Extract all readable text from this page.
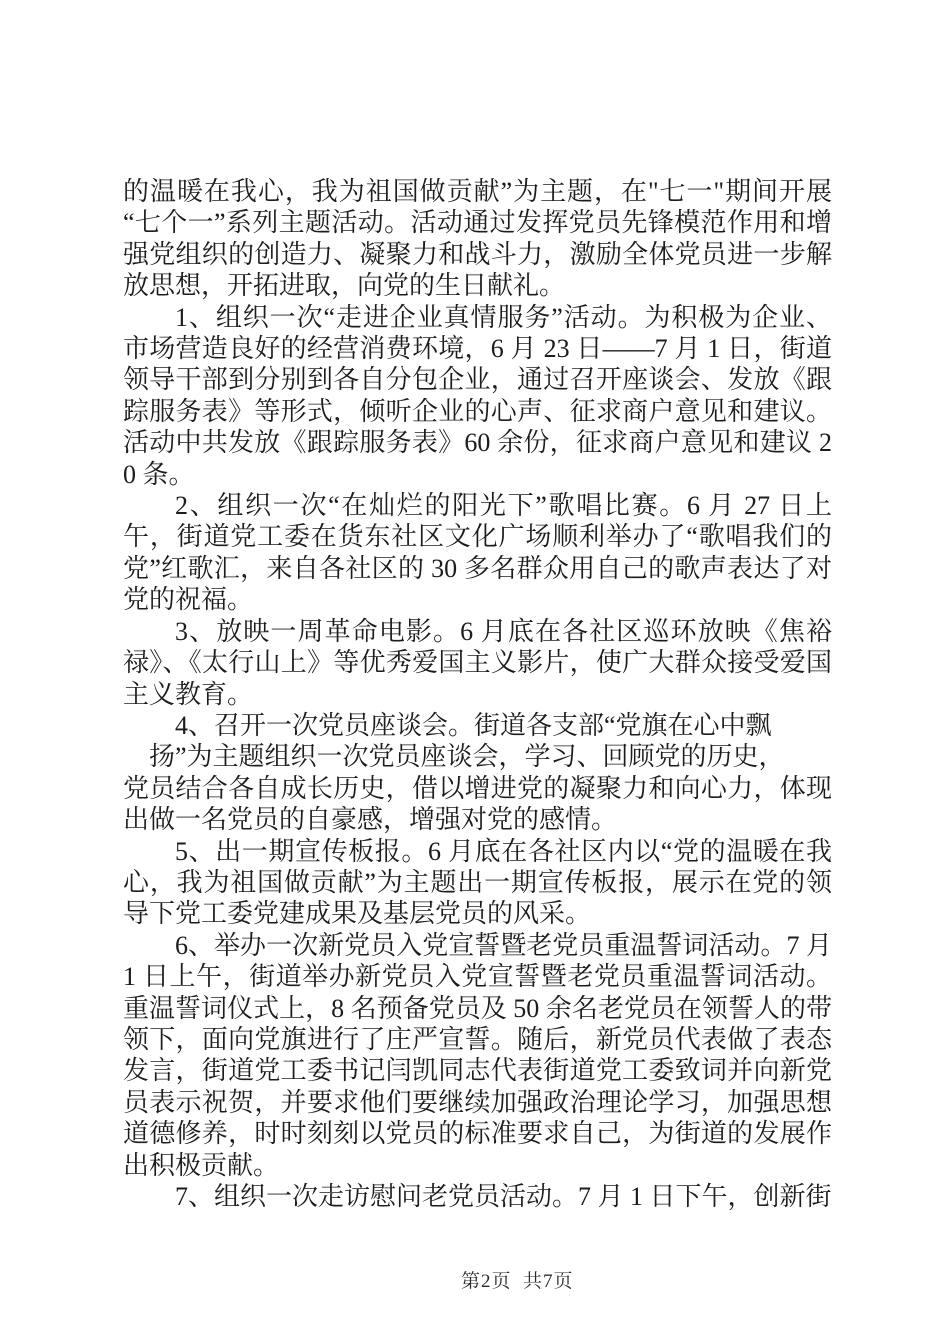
的温暖在我心，我为祖国做贡献”为主题，在"七一"期间开展“七个一”系列主题活动。活动通过发挥党员先锋模范作用和增强党组织的创造力、凝聚力和战斗力，激励全体党员进一步解放思想，开拓进取，向党的生日献礼。

1、组织一次“走进企业真情服务”活动。为积极为企业、市场营造良好的经营消费环境，6 月 23 日——7 月 1 日，街道领导干部到分别到各自分包企业，通过召开座谈会、发放《跟踪服务表》等形式，倾听企业的心声、征求商户意见和建议。活动中共发放《跟踪服务表》60 余份，征求商户意见和建议 20 条。

2、组织一次“在灿烂的阳光下”歌唱比赛。6 月 27 日上午，街道党工委在货东社区文化广场顺利举办了“歌唱我们的党”红歌汇，来自各社区的 30 多名群众用自己的歌声表达了对党的祝福。

3、放映一周革命电影。6 月底在各社区巡环放映《焦裕禄》、《太行山上》等优秀爱国主义影片，使广大群众接受爱国主义教育。

4、召开一次党员座谈会。街道各支部“党旗在心中飘

扬”为主题组织一次党员座谈会，学习、回顾党的历史，

党员结合各自成长历史，借以增进党的凝聚力和向心力，体现出做一名党员的自豪感，增强对党的感情。

5、出一期宣传板报。6 月底在各社区内以“党的温暖在我心，我为祖国做贡献”为主题出一期宣传板报，展示在党的领导下党工委党建成果及基层党员的风采。

6、举办一次新党员入党宣誓暨老党员重温誓词活动。7 月 1 日上午，街道举办新党员入党宣誓暨老党员重温誓词活动。重温誓词仪式上，8 名预备党员及 50 余名老党员在领誓人的带领下，面向党旗进行了庄严宣誓。随后，新党员代表做了表态发言，街道党工委书记闫凯同志代表街道党工委致词并向新党员表示祝贺，并要求他们要继续加强政治理论学习，加强思想道德修养，时时刻刻以党员的标准要求自己，为街道的发展作出积极贡献。

7、组织一次走访慰问老党员活动。7 月 1 日下午，创新街

第2页  共7页
